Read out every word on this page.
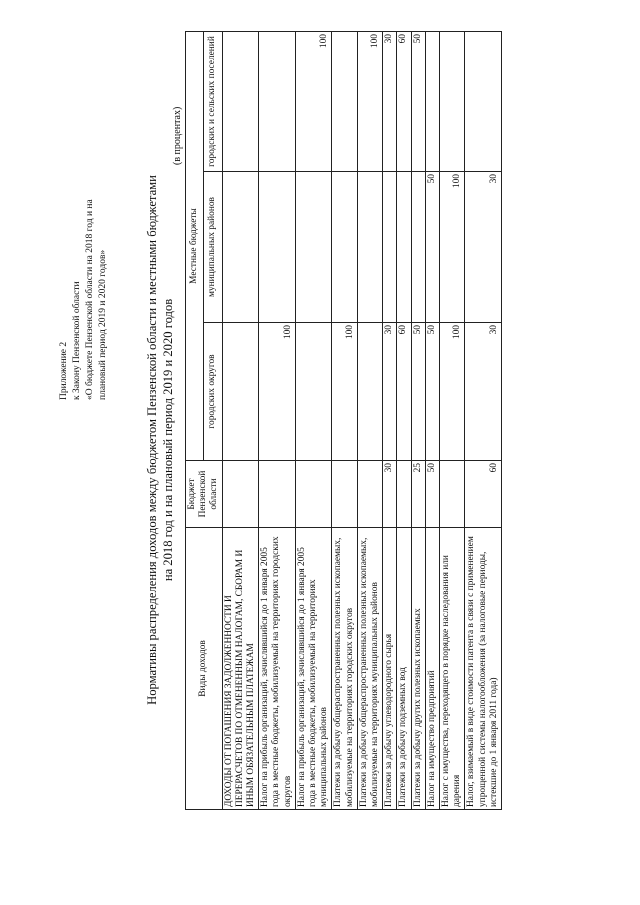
Приложение 2 к Закону Пензенской области «О бюджете Пензенской области на 2018 год и на плановый период 2019 и 2020 годов»	Нормативы распределения доходов между бюджетом Пензенской области и местными бюджетами на 2018 год и на плановый период 2019 и 2020 годов
(в процентах)
Виды доходов	Бюджет Пензенской области	Местные бюджеты		
		городских округов	муниципальных районов	городских и сельских поселений
ДОХОДЫ ОТ ПОГАШЕНИЯ ЗАДОЛЖЕННОСТИ И ПЕРЕРАСЧЕТОВ ПО ОТМЕНЕННЫМ НАЛОГАМ, СБОРАМ И ИНЫМ ОБЯЗАТЕЛЬНЫМ ПЛАТЕЖАМ				
Налог на прибыль организаций, зачислявшийся до 1 января 2005 года в местные бюджеты, мобилизуемый на территориях городских округов		100		
Налог на прибыль организаций, зачислявшийся до 1 января 2005 года в местные бюджеты, мобилизуемый на территориях муниципальных районов				100
Платежи за добычу общераспространенных полезных ископаемых, мобилизуемые на территориях городских округов		100		
Платежи за добычу общераспространенных полезных ископаемых, мобилизуемые на территориях муниципальных районов				100
Платежи за добычу углеводородного сырья	30	30		30
Платежи за добычу подземных вод		60		60
Платежи за добычу других полезных ископаемых	25	50		50
Налог на имущество предприятий	50	50	50	
Налог с имущества, переходящего в порядке наследования или дарения		100	100	
Налог, взимаемый в виде стоимости патента в связи с применением упрощенной системы налогообложения (за налоговые периоды, истекшие до 1 января 2011 года)	60	30	30	
